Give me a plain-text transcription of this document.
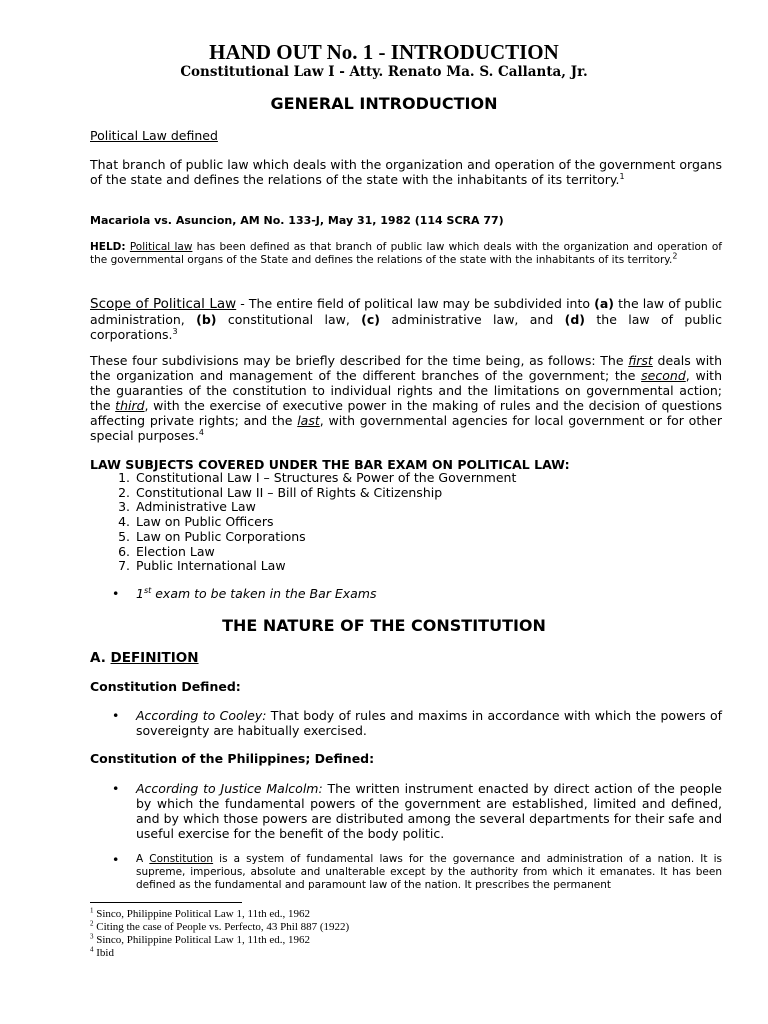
HAND OUT No. 1 - INTRODUCTION
Constitutional Law I - Atty. Renato Ma. S. Callanta, Jr.
GENERAL INTRODUCTION
Political Law defined
That branch of public law which deals with the organization and operation of the government organs of the state and defines the relations of the state with the inhabitants of its territory.$^1$
Macariola vs. Asuncion, AM No. 133-J, May 31, 1982 (114 SCRA 77)
HELD: Political law has been defined as that branch of public law which deals with the organization and operation of the governmental organs of the State and defines the relations of the state with the inhabitants of its territory.$^2$
Scope of Political Law - The entire field of political law may be subdivided into (a) the law of public administration, (b) constitutional law, (c) administrative law, and (d) the law of public corporations.$^3$
These four subdivisions may be briefly described for the time being, as follows: The first deals with the organization and management of the different branches of the government; the second, with the guaranties of the constitution to individual rights and the limitations on governmental action; the third, with the exercise of executive power in the making of rules and the decision of questions affecting private rights; and the last, with governmental agencies for local government or for other special purposes.$^4$
LAW SUBJECTS COVERED UNDER THE BAR EXAM ON POLITICAL LAW:
1. Constitutional Law I – Structures & Power of the Government
2. Constitutional Law II – Bill of Rights & Citizenship
3. Administrative Law
4. Law on Public Officers
5. Law on Public Corporations
6. Election Law
7. Public International Law
• 1st exam to be taken in the Bar Exams
THE NATURE OF THE CONSTITUTION
A. DEFINITION
Constitution Defined:
• According to Cooley: That body of rules and maxims in accordance with which the powers of sovereignty are habitually exercised.
Constitution of the Philippines; Defined:
• According to Justice Malcolm: The written instrument enacted by direct action of the people by which the fundamental powers of the government are established, limited and defined, and by which those powers are distributed among the several departments for their safe and useful exercise for the benefit of the body politic.
• A Constitution is a system of fundamental laws for the governance and administration of a nation. It is supreme, imperious, absolute and unalterable except by the authority from which it emanates. It has been defined as the fundamental and paramount law of the nation. It prescribes the permanent
$^1$ Sinco, Philippine Political Law 1, 11th ed., 1962
$^2$ Citing the case of People vs. Perfecto, 43 Phil 887 (1922)
$^3$ Sinco, Philippine Political Law 1, 11th ed., 1962
$^4$ Ibid
